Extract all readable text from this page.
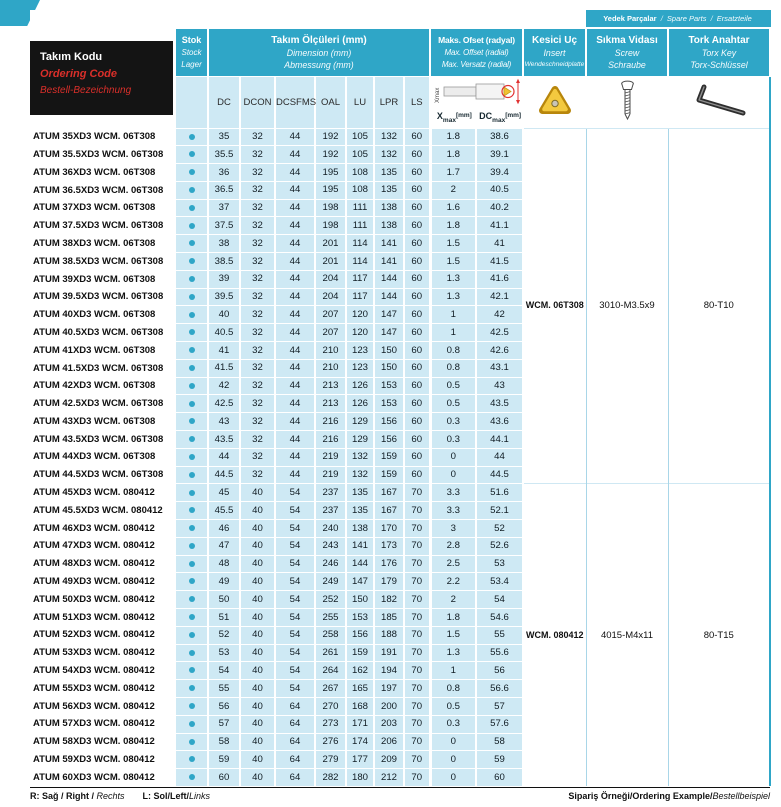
												Yedek Parçalar / Spare Parts / Ersatzteile	

Takım Kodu
Ordering Code
Bestell-Bezeichnung	Stok
Stock
Lager	Takım Ölçüleri (mm)
Dimension (mm)
Abmessung (mm)							Maks. Ofset (radyal)
Max. Offset (radial)
Max. Versatz (radial)		Kesici Uç
Insert
Wendeschneidplatte	Sıkma Vidası
Screw
Schraube	Tork Anahtar
Torx Key
Torx-Schlüssel

		DC	DCON	DCSFMS	OAL	LU	LPR	LS	Xmax
$X_{max}[mm]$ $DC_{max}[mm]$

ATUM 35XD3 WCM. 06T308		35	32	44	192	105	132	60	1.8	38.6	WCM. 06T308	3010-M3.5x9	80-T10
ATUM 35.5XD3 WCM. 06T308		35.5	32	44	192	105	132	60	1.8	39.1			
ATUM 36XD3 WCM. 06T308		36	32	44	195	108	135	60	1.7	39.4			
ATUM 36.5XD3 WCM. 06T308		36.5	32	44	195	108	135	60	2	40.5			
ATUM 37XD3 WCM. 06T308		37	32	44	198	111	138	60	1.6	40.2			
ATUM 37.5XD3 WCM. 06T308		37.5	32	44	198	111	138	60	1.8	41.1			
ATUM 38XD3 WCM. 06T308		38	32	44	201	114	141	60	1.5	41			
ATUM 38.5XD3 WCM. 06T308		38.5	32	44	201	114	141	60	1.5	41.5			
ATUM 39XD3 WCM. 06T308		39	32	44	204	117	144	60	1.3	41.6			
ATUM 39.5XD3 WCM. 06T308		39.5	32	44	204	117	144	60	1.3	42.1			
ATUM 40XD3 WCM. 06T308		40	32	44	207	120	147	60	1	42			
ATUM 40.5XD3 WCM. 06T308		40.5	32	44	207	120	147	60	1	42.5			
ATUM 41XD3 WCM. 06T308		41	32	44	210	123	150	60	0.8	42.6			
ATUM 41.5XD3 WCM. 06T308		41.5	32	44	210	123	150	60	0.8	43.1			
ATUM 42XD3 WCM. 06T308		42	32	44	213	126	153	60	0.5	43			
ATUM 42.5XD3 WCM. 06T308		42.5	32	44	213	126	153	60	0.5	43.5			
ATUM 43XD3 WCM. 06T308		43	32	44	216	129	156	60	0.3	43.6			
ATUM 43.5XD3 WCM. 06T308		43.5	32	44	216	129	156	60	0.3	44.1			
ATUM 44XD3 WCM. 06T308		44	32	44	219	132	159	60	0	44			
ATUM 44.5XD3 WCM. 06T308		44.5	32	44	219	132	159	60	0	44.5			
ATUM 45XD3 WCM. 080412		45	40	54	237	135	167	70	3.3	51.6	WCM. 080412	4015-M4x11	80-T15
ATUM 45.5XD3 WCM. 080412		45.5	40	54	237	135	167	70	3.3	52.1			
ATUM 46XD3 WCM. 080412		46	40	54	240	138	170	70	3	52			
ATUM 47XD3 WCM. 080412		47	40	54	243	141	173	70	2.8	52.6			
ATUM 48XD3 WCM. 080412		48	40	54	246	144	176	70	2.5	53			
ATUM 49XD3 WCM. 080412		49	40	54	249	147	179	70	2.2	53.4			
ATUM 50XD3 WCM. 080412		50	40	54	252	150	182	70	2	54			
ATUM 51XD3 WCM. 080412		51	40	54	255	153	185	70	1.8	54.6			
ATUM 52XD3 WCM. 080412		52	40	54	258	156	188	70	1.5	55			
ATUM 53XD3 WCM. 080412		53	40	54	261	159	191	70	1.3	55.6			
ATUM 54XD3 WCM. 080412		54	40	54	264	162	194	70	1	56			
ATUM 55XD3 WCM. 080412		55	40	54	267	165	197	70	0.8	56.6			
ATUM 56XD3 WCM. 080412		56	40	64	270	168	200	70	0.5	57			
ATUM 57XD3 WCM. 080412		57	40	64	273	171	203	70	0.3	57.6			
ATUM 58XD3 WCM. 080412		58	40	64	276	174	206	70	0	58			
ATUM 59XD3 WCM. 080412		59	40	64	279	177	209	70	0	59			
ATUM 60XD3 WCM. 080412		60	40	64	282	180	212	70	0	60			
R: Sağ / Right / Rechts L: Sol/Left/Links	Sipariş Örneği/Ordering Example/Bestellbeispiel
